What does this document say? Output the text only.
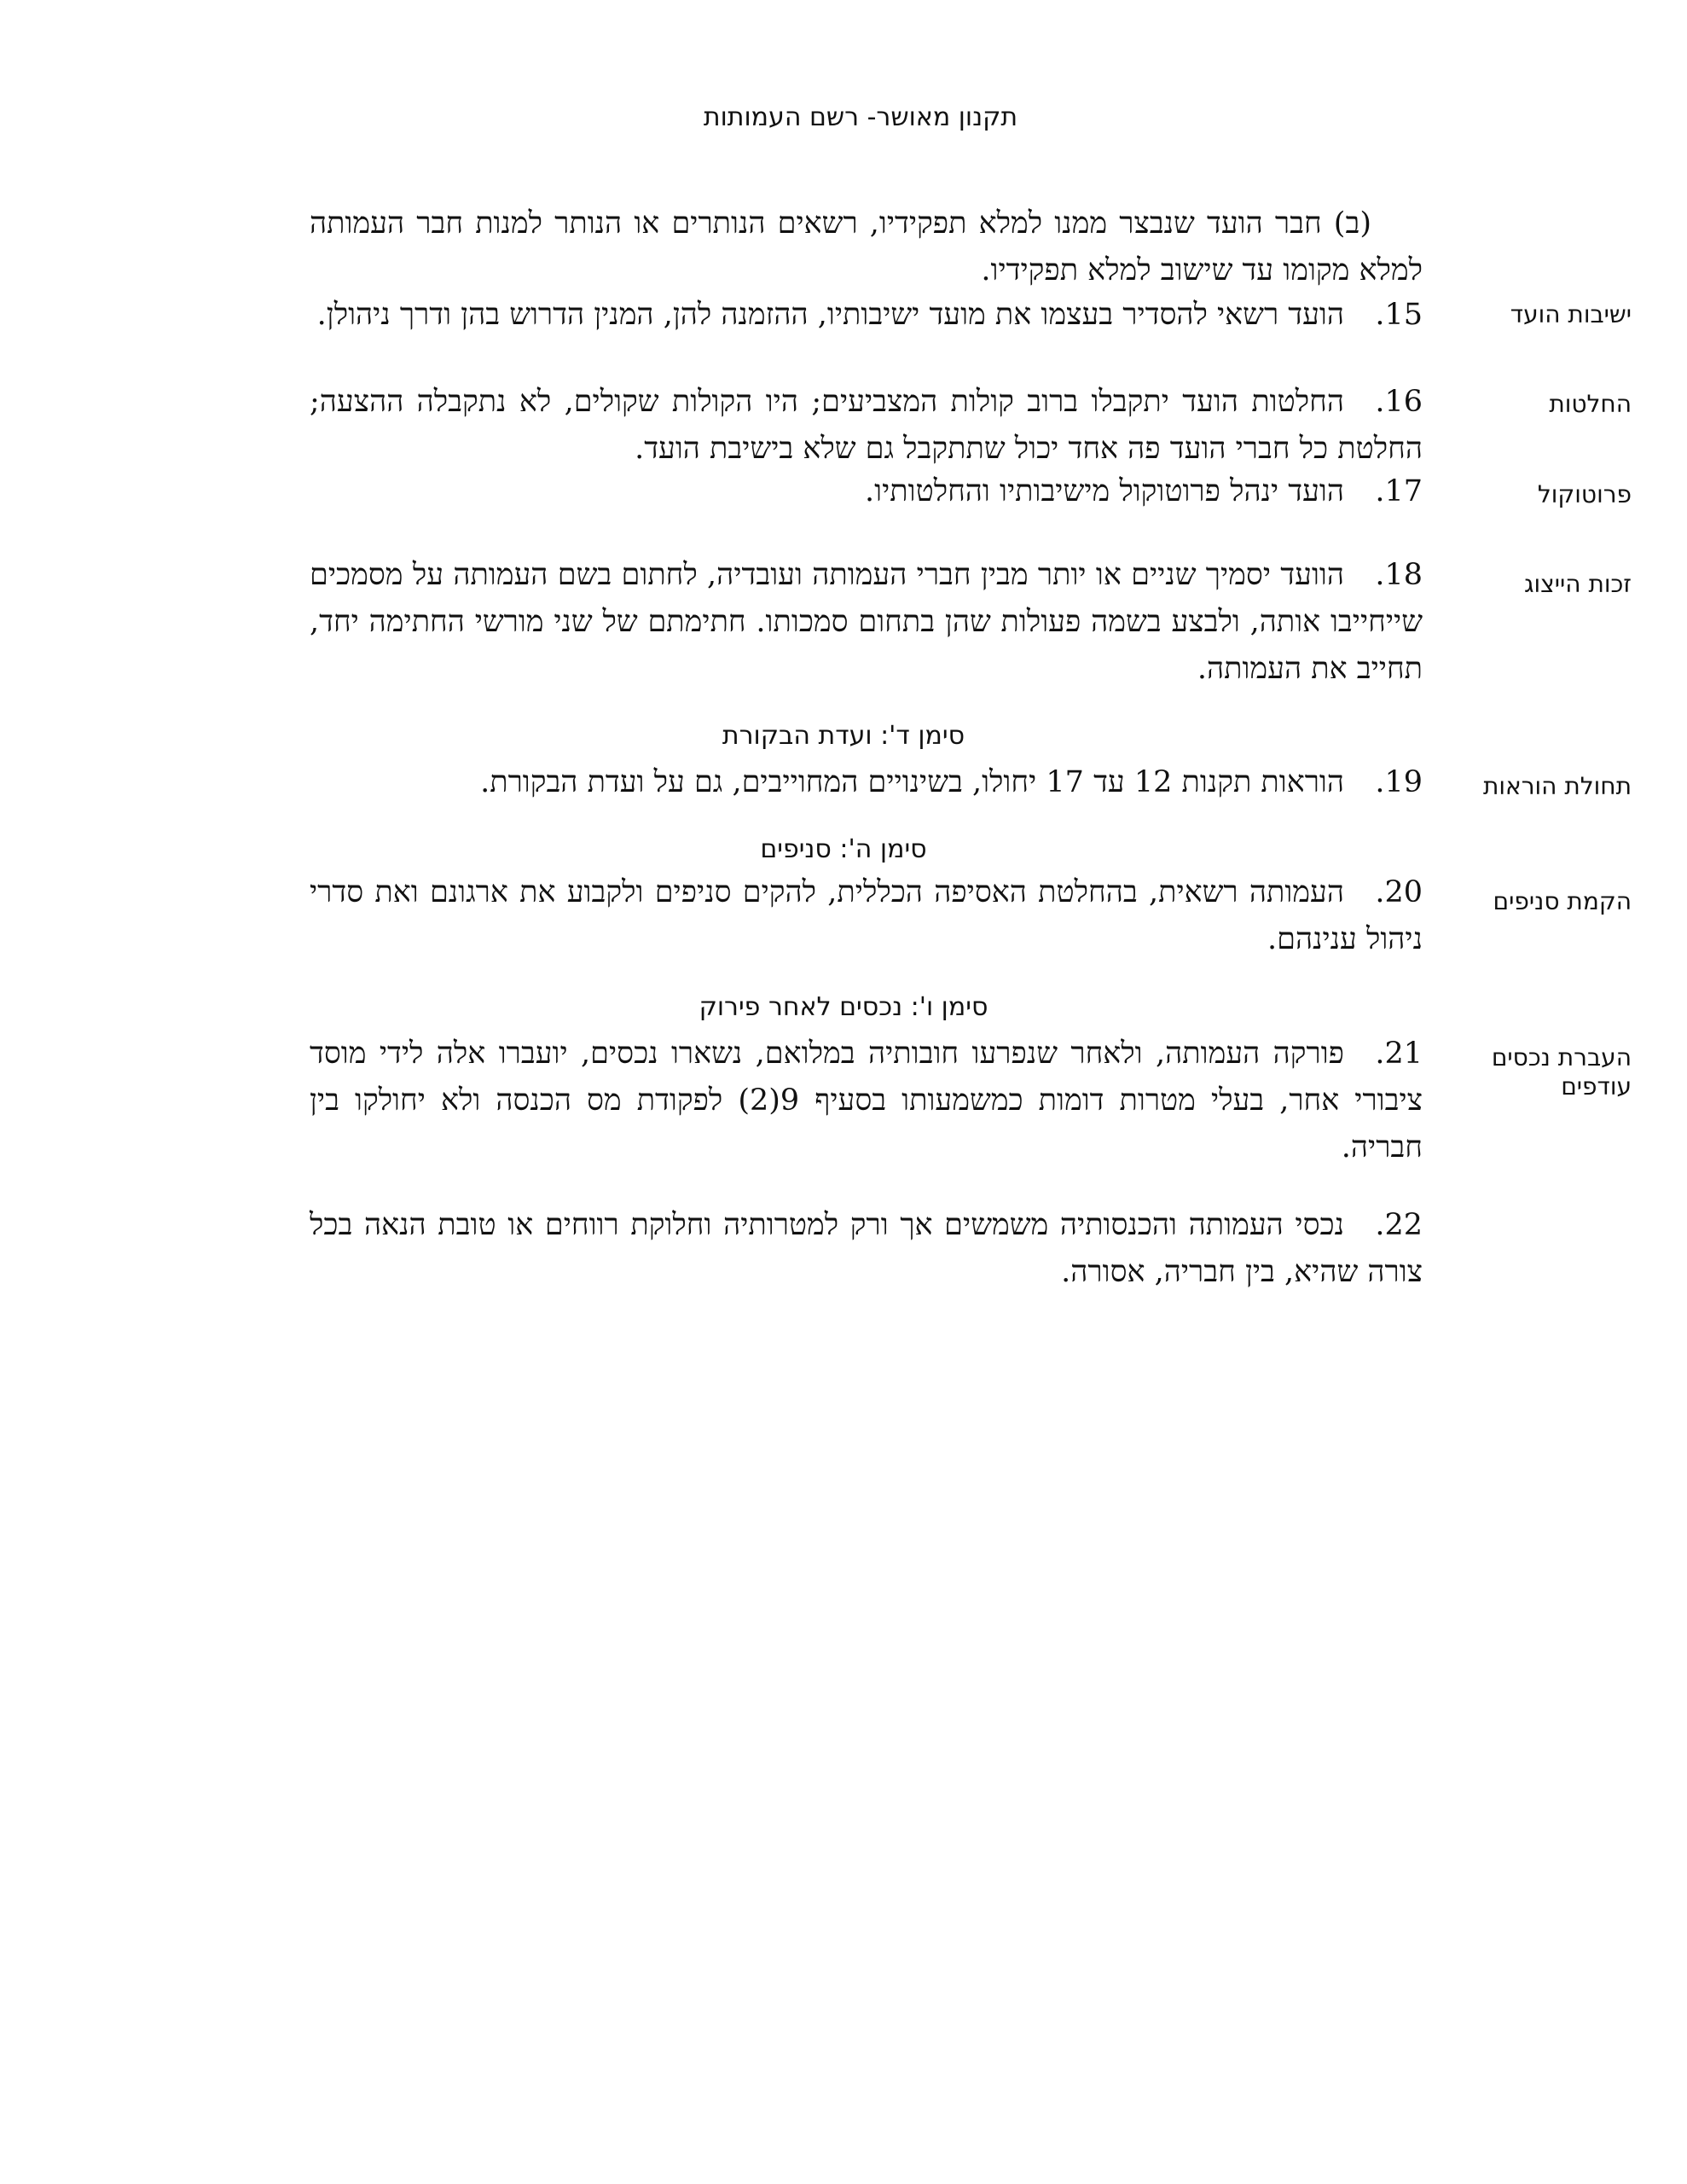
תקנון מאושר- רשם העמותות
(ב) חבר הועד שנבצר ממנו למלא תפקידיו, רשאים הנותרים או הנותר למנות חבר העמותה למלא מקומו עד שישוב למלא תפקידיו.
ישיבות הועד
15.הועד רשאי להסדיר בעצמו את מועד ישיבותיו, ההזמנה להן, המנין הדרוש בהן ודרך ניהולן.
החלטות
16.החלטות הועד יתקבלו ברוב קולות המצביעים; היו הקולות שקולים, לא נתקבלה ההצעה; החלטת כל חברי הועד פה אחד יכול שתתקבל גם שלא בישיבת הועד.
פרוטוקול
17.הועד ינהל פרוטוקול מישיבותיו והחלטותיו.
זכות הייצוג
18.הוועד יסמיך שניים או יותר מבין חברי העמותה ועובדיה, לחתום בשם העמותה על מסמכים שייחייבו אותה, ולבצע בשמה פעולות שהן בתחום סמכותו. חתימתם של שני מורשי החתימה יחד, תחייב את העמותה.
סימן ד': ועדת הבקורת
תחולת הוראות
19.הוראות תקנות 12 עד 17 יחולו, בשינויים המחוייבים, גם על ועדת הבקורת.
סימן ה': סניפים
הקמת סניפים
20.העמותה רשאית, בהחלטת האסיפה הכללית, להקים סניפים ולקבוע את ארגונם ואת סדרי ניהול ענינהם.
סימן ו': נכסים לאחר פירוק
העברת נכסים עודפים
21.פורקה העמותה, ולאחר שנפרעו חובותיה במלואם, נשארו נכסים, יועברו אלה לידי מוסד ציבורי אחר, בעלי מטרות דומות כמשמעותו בסעיף 9(2) לפקודת מס הכנסה ולא יחולקו בין חבריה.
22.נכסי העמותה והכנסותיה משמשים אך ורק למטרותיה וחלוקת רווחים או טובת הנאה בכל צורה שהיא, בין חבריה, אסורה.
